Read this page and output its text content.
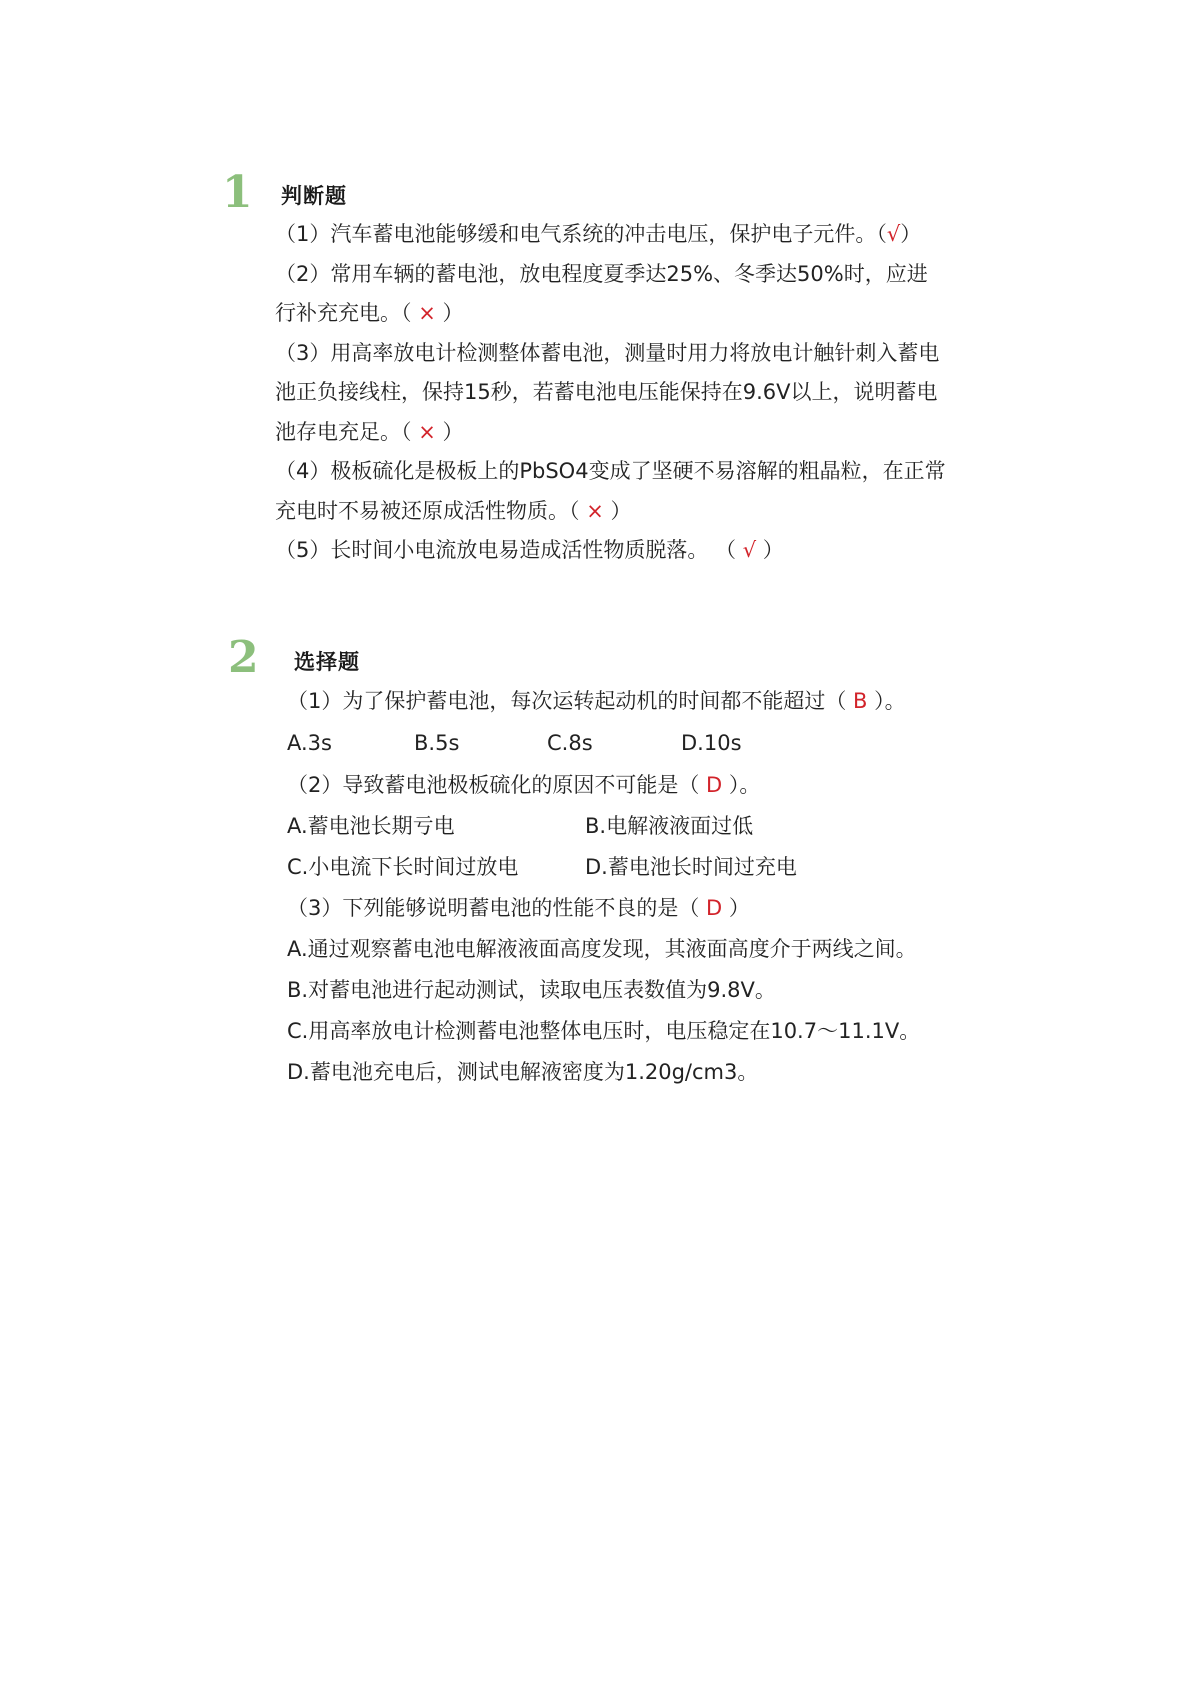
1 判断题
（1）汽车蓄电池能够缓和电气系统的冲击电压，保护电子元件。（√）
（2）常用车辆的蓄电池，放电程度夏季达25%、冬季达50%时，应进
行补充充电。（ × ）
（3）用高率放电计检测整体蓄电池，测量时用力将放电计触针刺入蓄电
池正负接线柱，保持15秒，若蓄电池电压能保持在9.6V以上，说明蓄电
池存电充足。（ × ）
（4）极板硫化是极板上的PbSO4变成了坚硬不易溶解的粗晶粒，在正常
充电时不易被还原成活性物质。（ × ）
（5）长时间小电流放电易造成活性物质脱落。 （ √ ）
2 选择题
（1）为了保护蓄电池，每次运转起动机的时间都不能超过（ B ）。
A.3s	B.5s	C.8s	D.10s
（2）导致蓄电池极板硫化的原因不可能是（ D ）。
A.蓄电池长期亏电	B.电解液液面过低
C.小电流下长时间过放电	D.蓄电池长时间过充电
（3）下列能够说明蓄电池的性能不良的是（ D ）
A.通过观察蓄电池电解液液面高度发现，其液面高度介于两线之间。
B.对蓄电池进行起动测试，读取电压表数值为9.8V。
C.用高率放电计检测蓄电池整体电压时，电压稳定在10.7～11.1V。
D.蓄电池充电后，测试电解液密度为1.20g/cm3。
